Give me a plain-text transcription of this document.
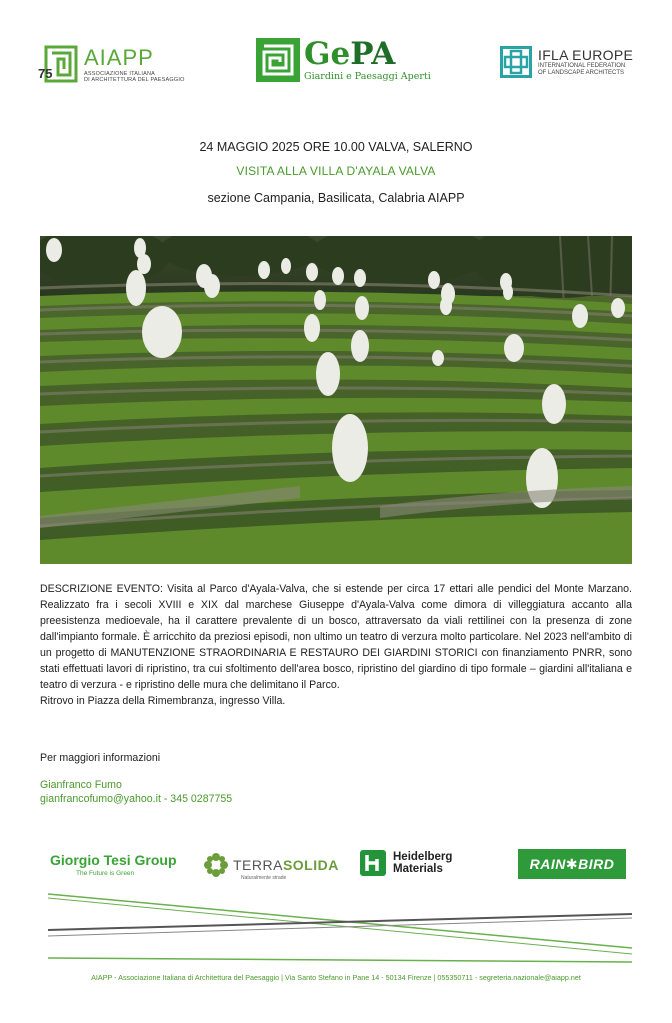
75
AIAPP
ASSOCIAZIONE ITALIANA
DI ARCHITETTURA DEL PAESAGGIO
GePA
Giardini e Paesaggi Aperti
IFLA EUROPE
INTERNATIONAL FEDERATION
OF LANDSCAPE ARCHITECTS
24 MAGGIO 2025 ORE 10.00 VALVA, SALERNO
VISITA ALLA VILLA D'AYALA VALVA
sezione Campania, Basilicata, Calabria AIAPP

DESCRIZIONE EVENTO: Visita al Parco d'Ayala-Valva, che si estende per circa 17 ettari alle pendici del Monte Marzano. Realizzato fra i secoli XVIII e XIX dal marchese Giuseppe d'Ayala-Valva come dimora di villeggiatura accanto alla preesistenza medioevale, ha il carattere prevalente di un bosco, attraversato da viali rettilinei con la presenza di zone dall'impianto formale. È arricchito da preziosi episodi, non ultimo un teatro di verzura molto particolare. Nel 2023 nell'ambito di un progetto di MANUTENZIONE STRAORDINARIA E RESTAURO DEI GIARDINI STORICI con finanziamento PNRR, sono stati effettuati lavori di ripristino, tra cui sfoltimento dell'area bosco, ripristino del giardino di tipo formale – giardini all'italiana e teatro di verzura - e ripristino delle mura che delimitano il Parco.

Ritrovo in Piazza della Rimembranza, ingresso Villa.

Per maggiori informazioni
Gianfranco Fumo
gianfrancofumo@yahoo.it - 345 0287755
Giorgio Tesi Group
The Future is Green
TERRASOLIDA
Naturalmente strade
Heidelberg
Materials	RAIN✱BIRD
AIAPP - Associazione Italiana di Architettura del Paesaggio | Via Santo Stefano in Pane 14 - 50134 Firenze | 055350711 - segreteria.nazionale@aiapp.net
